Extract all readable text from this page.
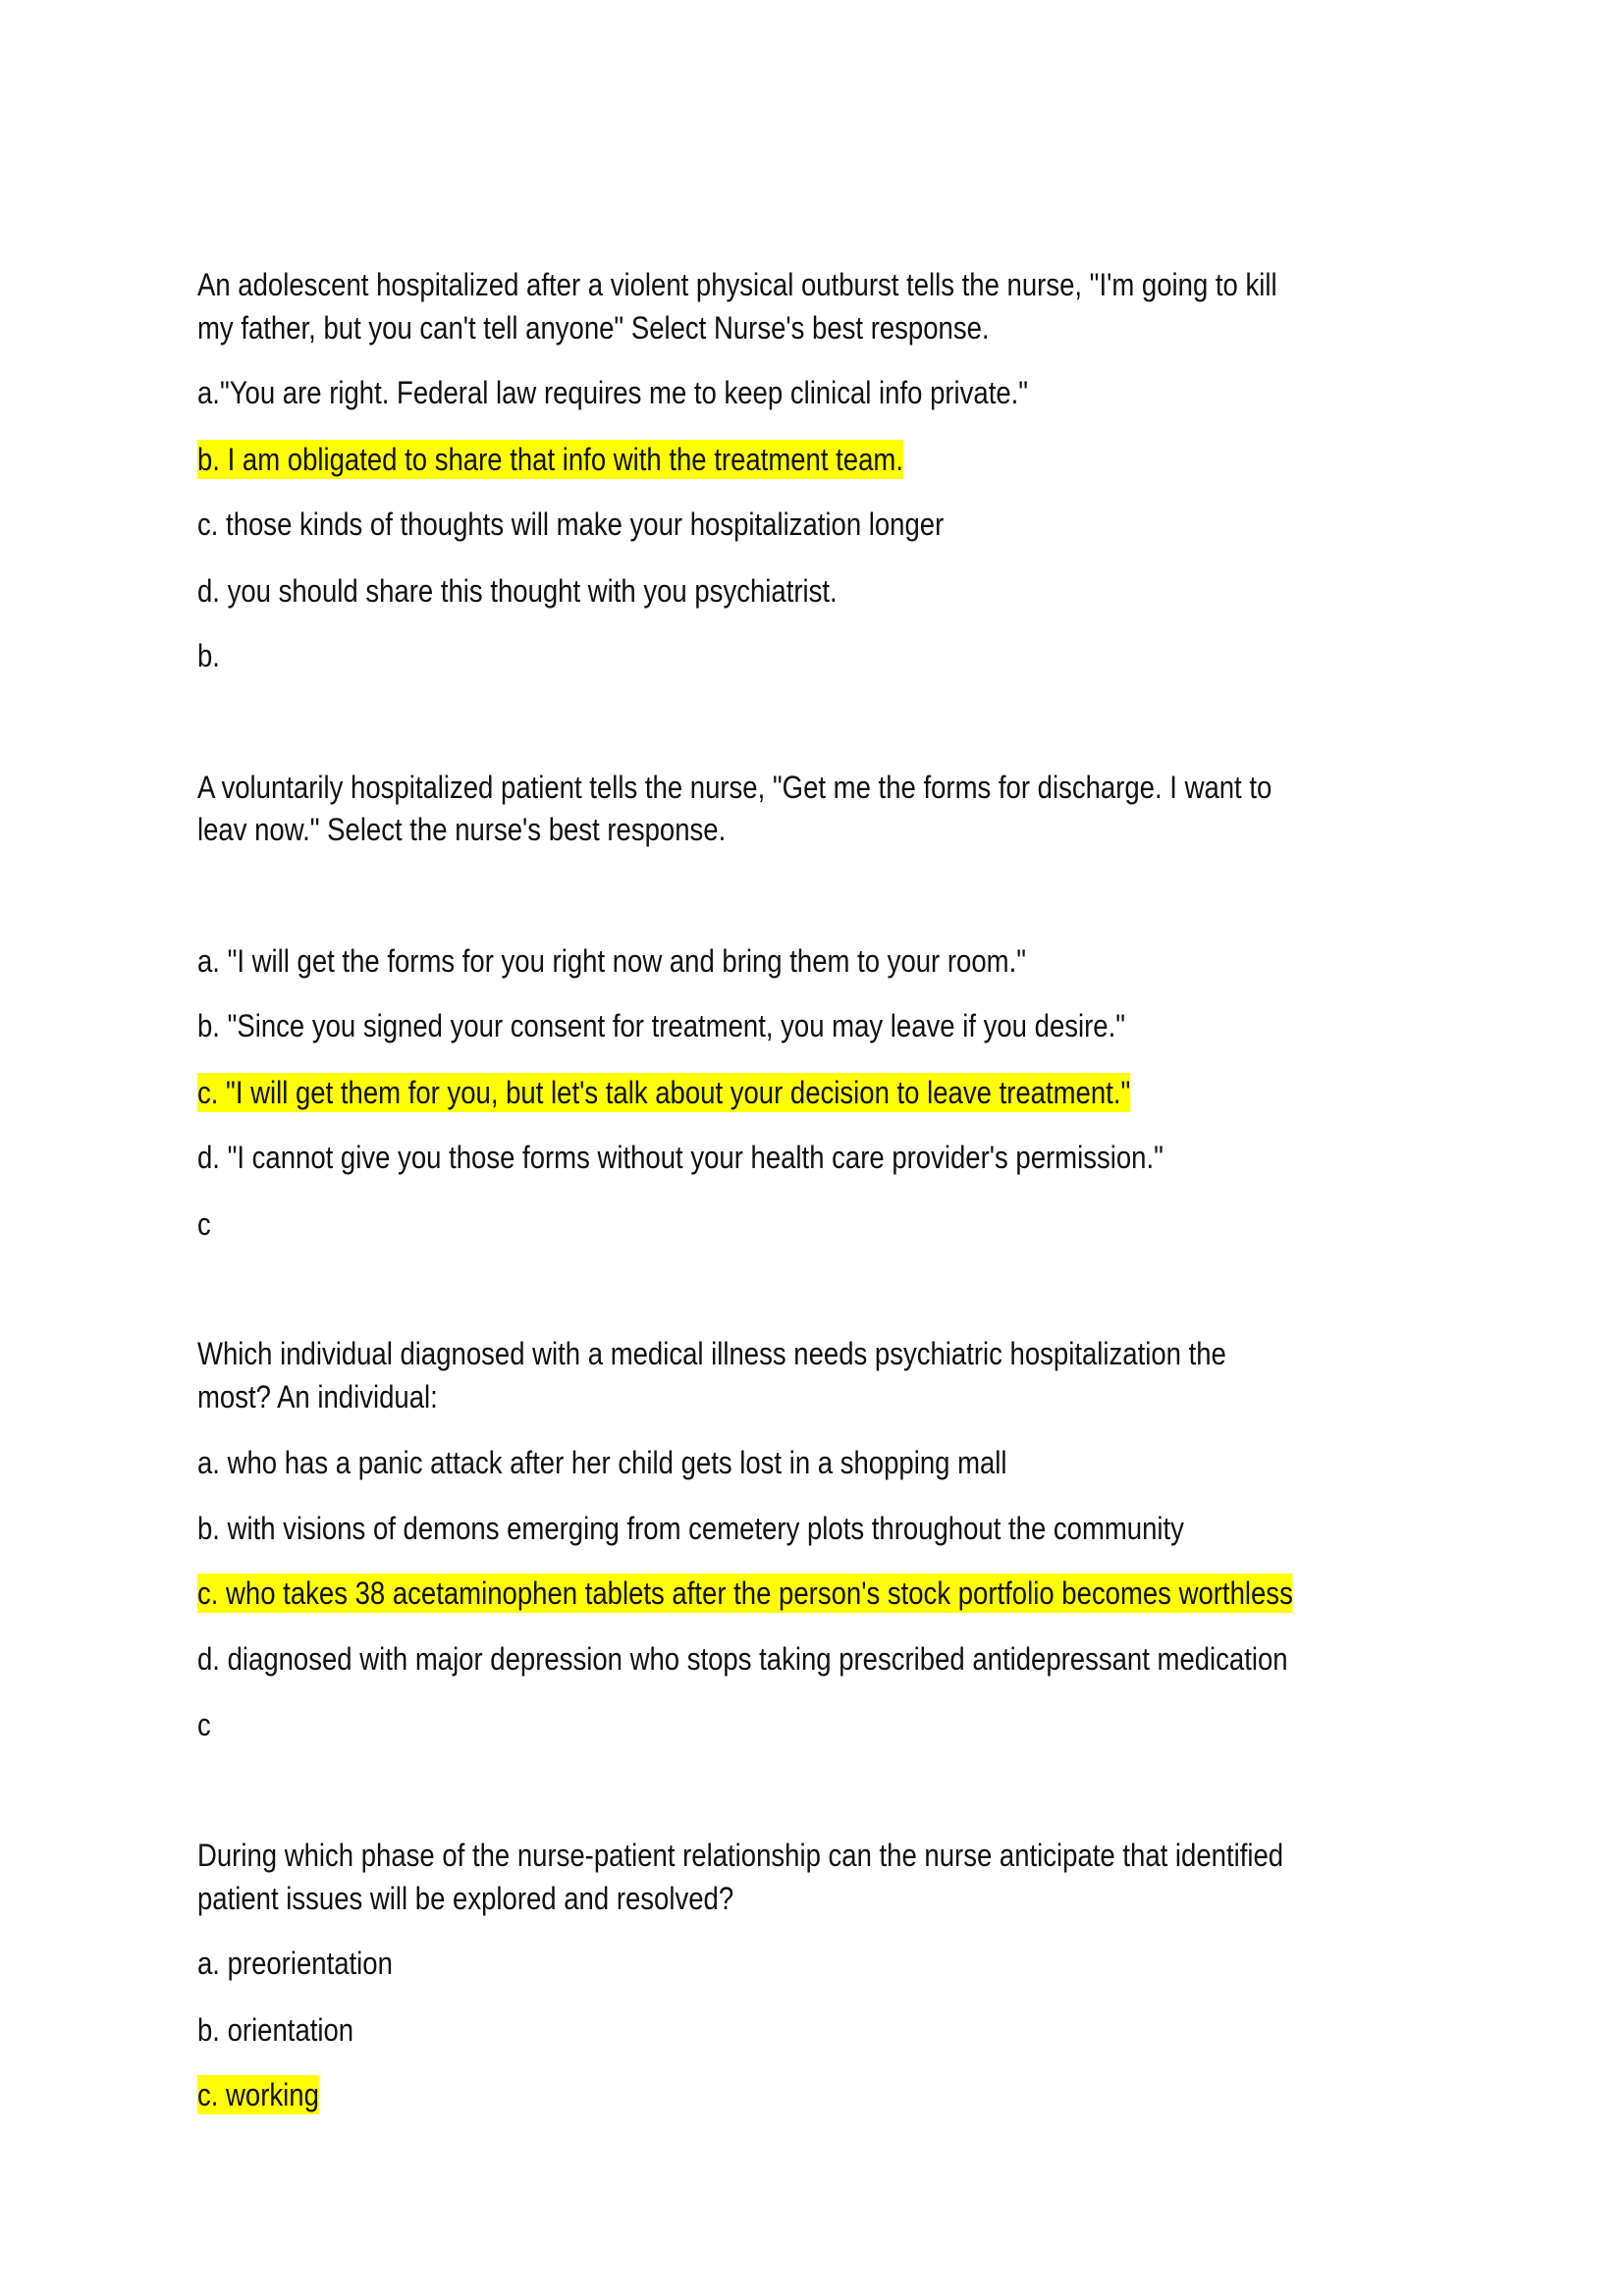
An adolescent hospitalized after a violent physical outburst tells the nurse, "I'm going to kill
my father, but you can't tell anyone" Select Nurse's best response.
a."You are right. Federal law requires me to keep clinical info private."
b. I am obligated to share that info with the treatment team.
c. those kinds of thoughts will make your hospitalization longer
d. you should share this thought with you psychiatrist.
b.
A voluntarily hospitalized patient tells the nurse, "Get me the forms for discharge. I want to
leav now." Select the nurse's best response.
a. "I will get the forms for you right now and bring them to your room."
b. "Since you signed your consent for treatment, you may leave if you desire."
c. "I will get them for you, but let's talk about your decision to leave treatment."
d. "I cannot give you those forms without your health care provider's permission."
c
Which individual diagnosed with a medical illness needs psychiatric hospitalization the
most? An individual:
a. who has a panic attack after her child gets lost in a shopping mall
b. with visions of demons emerging from cemetery plots throughout the community
c. who takes 38 acetaminophen tablets after the person's stock portfolio becomes worthless
d. diagnosed with major depression who stops taking prescribed antidepressant medication
c
During which phase of the nurse-patient relationship can the nurse anticipate that identified
patient issues will be explored and resolved?
a. preorientation
b. orientation
c. working
